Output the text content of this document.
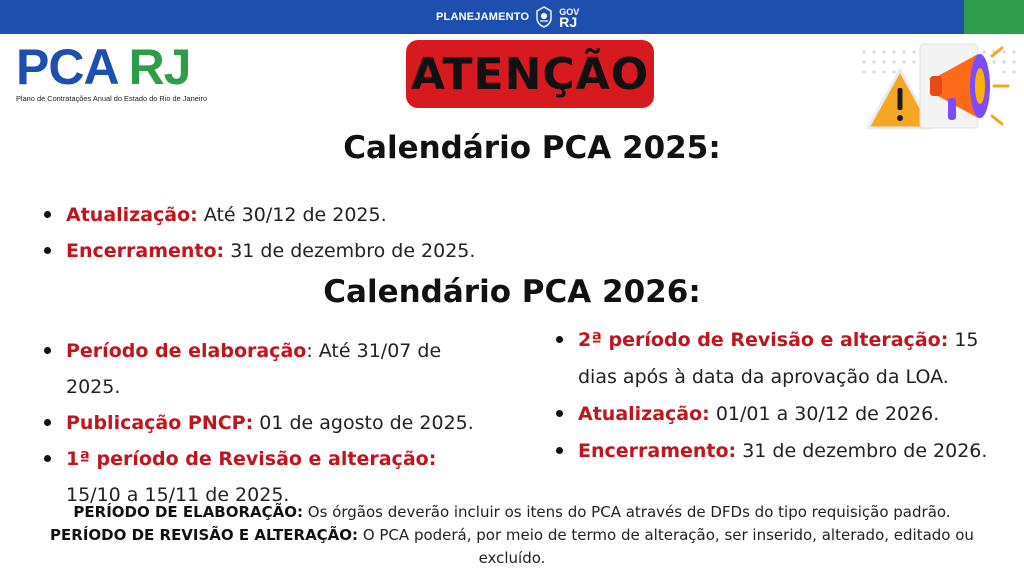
PLANEJAMENTO	GOV
RJ
PCA RJ
Plano de Contratações Anual do Estado do Rio de Janeiro	ATENÇÃO
Calendário PCA 2025:
Atualização: Até 30/12 de 2025.
Encerramento: 31 de dezembro de 2025.
Calendário PCA 2026:
Período de elaboração: Até 31/07 de 2025.
Publicação PNCP: 01 de agosto de 2025.
1ª período de Revisão e alteração: 15/10 a 15/11 de 2025.
2ª período de Revisão e alteração: 15 dias após à data da aprovação da LOA.
Atualização: 01/01 a 30/12 de 2026.
Encerramento: 31 de dezembro de 2026.
PERÍODO DE ELABORAÇÃO: Os órgãos deverão incluir os itens do PCA através de DFDs do tipo requisição padrão.
PERÍODO DE REVISÃO E ALTERAÇÃO: O PCA poderá, por meio de termo de alteração, ser inserido, alterado, editado ou excluído.
